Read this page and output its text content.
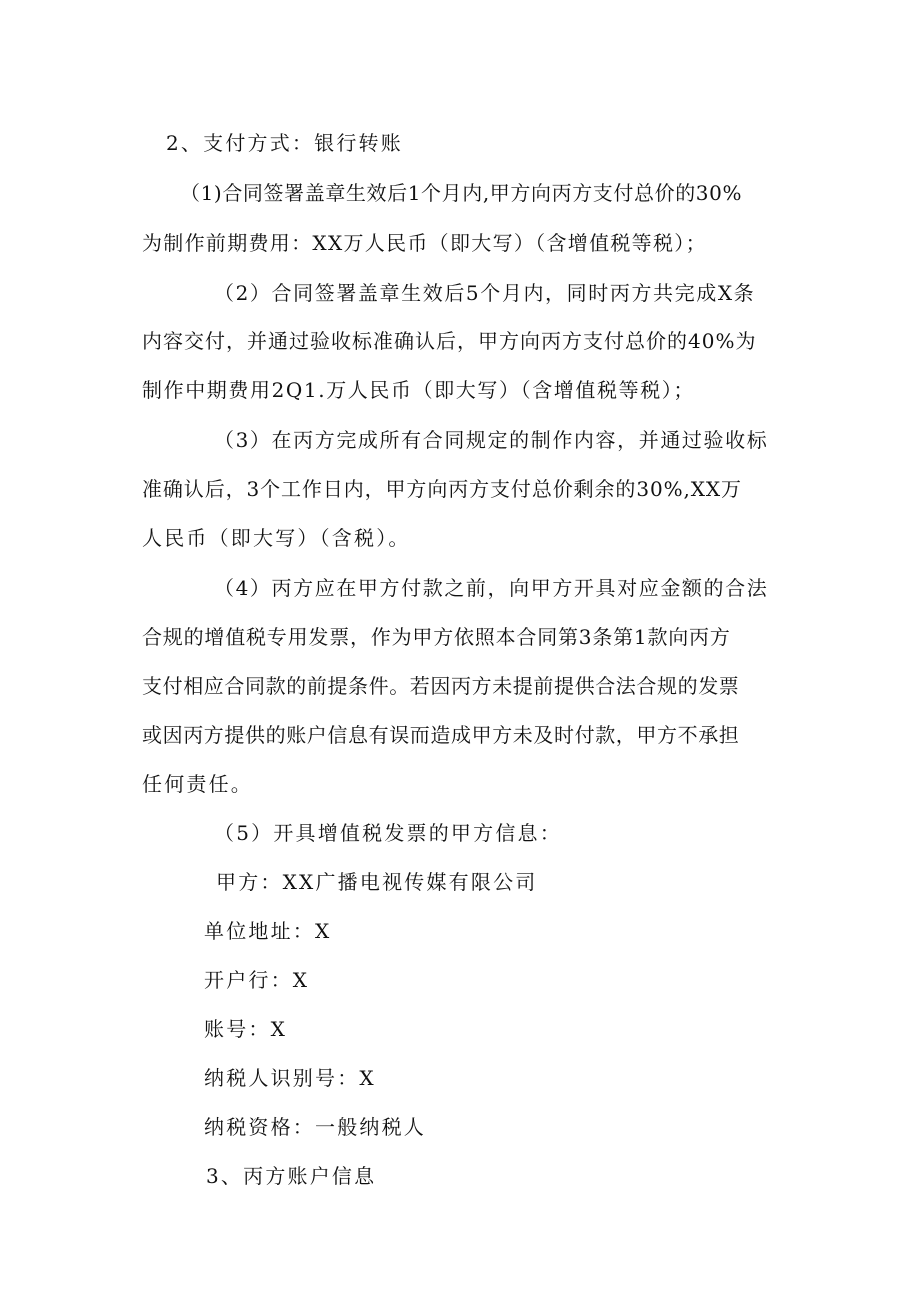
2、支付方式：银行转账
（1)合同签署盖章生效后1个月内,甲方向丙方支付总价的30%
为制作前期费用：XX万人民币（即大写）（含增值税等税）；
（2）合同签署盖章生效后5个月内，同时丙方共完成X条
内容交付，并通过验收标准确认后，甲方向丙方支付总价的40%为
制作中期费用2Q1.万人民币（即大写）（含增值税等税）；
（3）在丙方完成所有合同规定的制作内容，并通过验收标
准确认后，3个工作日内，甲方向丙方支付总价剩余的30%,XX万
人民币（即大写）（含税）。
（4）丙方应在甲方付款之前，向甲方开具对应金额的合法
合规的增值税专用发票，作为甲方依照本合同第3条第1款向丙方
支付相应合同款的前提条件。若因丙方未提前提供合法合规的发票
或因丙方提供的账户信息有误而造成甲方未及时付款，甲方不承担
任何责任。
（5）开具增值税发票的甲方信息：
甲方：XX广播电视传媒有限公司
单位地址：X
开户行：X
账号：X
纳税人识别号：X
纳税资格：一般纳税人
3、丙方账户信息
